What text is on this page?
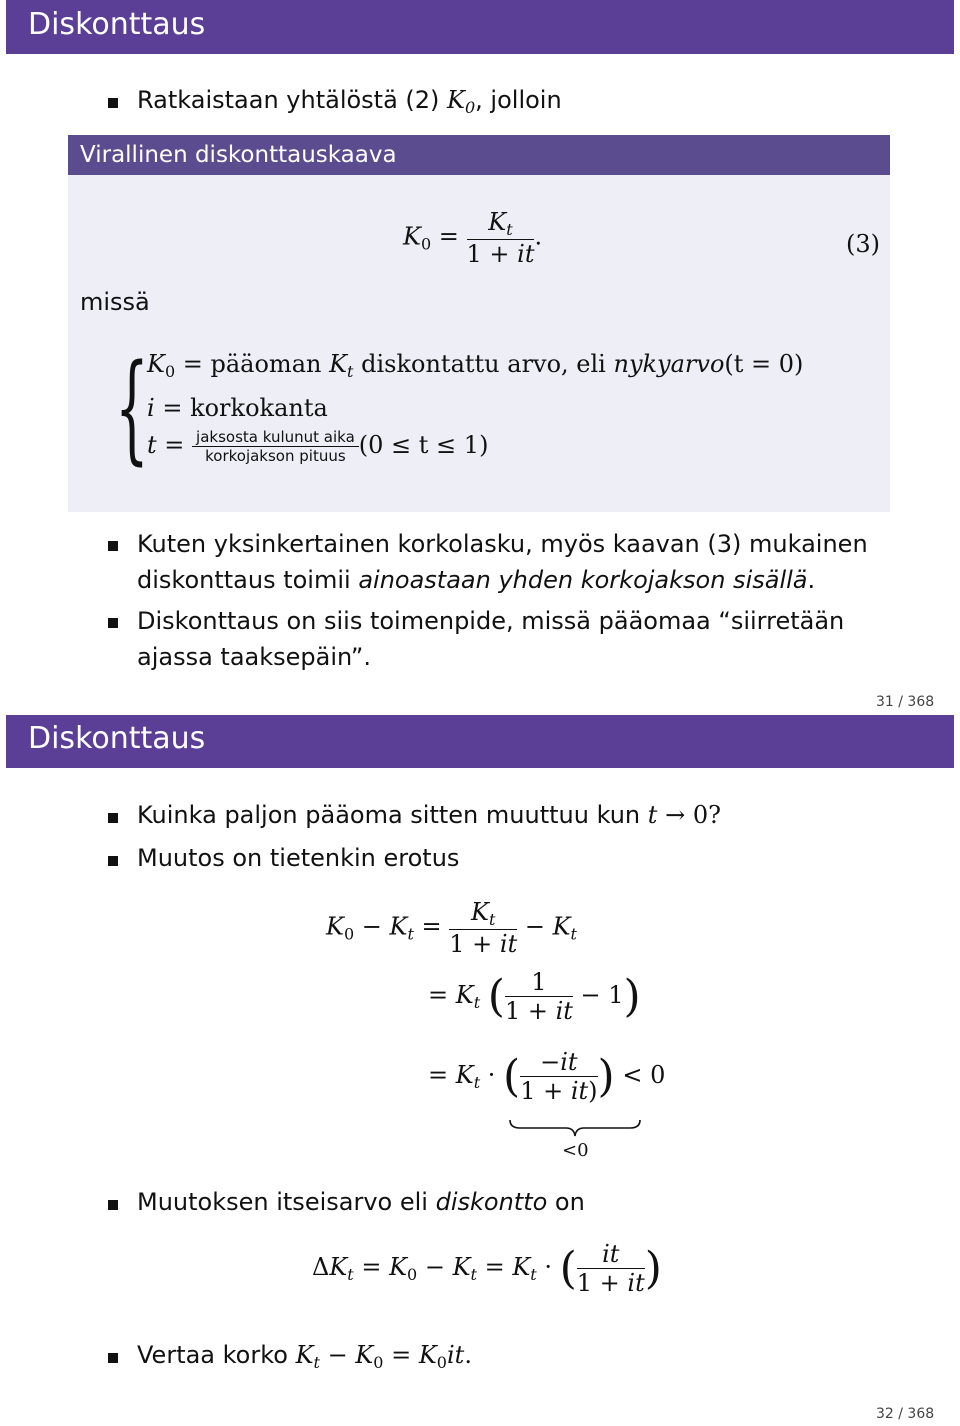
Diskonttaus
Ratkaistaan yhtälöstä (2) $K_0$, jolloin
Virallinen diskonttauskaava
$K_0 = \frac{K_t}{1 + it}$ .	(3)
missä
{
$K_0$ = pääoman $K_t$ diskontattu arvo, eli nykyarvo(t = 0)
i = korkokanta
$t = \frac{\text{jaksosta kulunut aika}}{\text{korkojakson pituus}} (0 \le t \le 1)$
Kuten yksinkertainen korkolasku, myös kaavan (3) mukainen
diskonttaus toimii ainoastaan yhden korkojakson sisällä.
Diskonttaus on siis toimenpide, missä pääomaa “siirretään
ajassa taaksepäin”.
31 / 368
Diskonttaus
Kuinka paljon pääoma sitten muuttuu kun t → 0?
Muutos on tietenkin erotus
$K_0 - K_t = \frac{K_t}{1 + it} - K_t$
= $K_t$ ( $\frac{1}{1 + it} - 1$)
= $K_t$ · ( $\frac{-it}{1 + it)}$ ) < 0
<0
Muutoksen itseisarvo eli diskontto on
$\Delta K_t = K_0 - K_t = K_t$ · ( $\frac{it}{1 + it}$ )
Vertaa korko $K_t - K_0 = K_0it$.
32 / 368
